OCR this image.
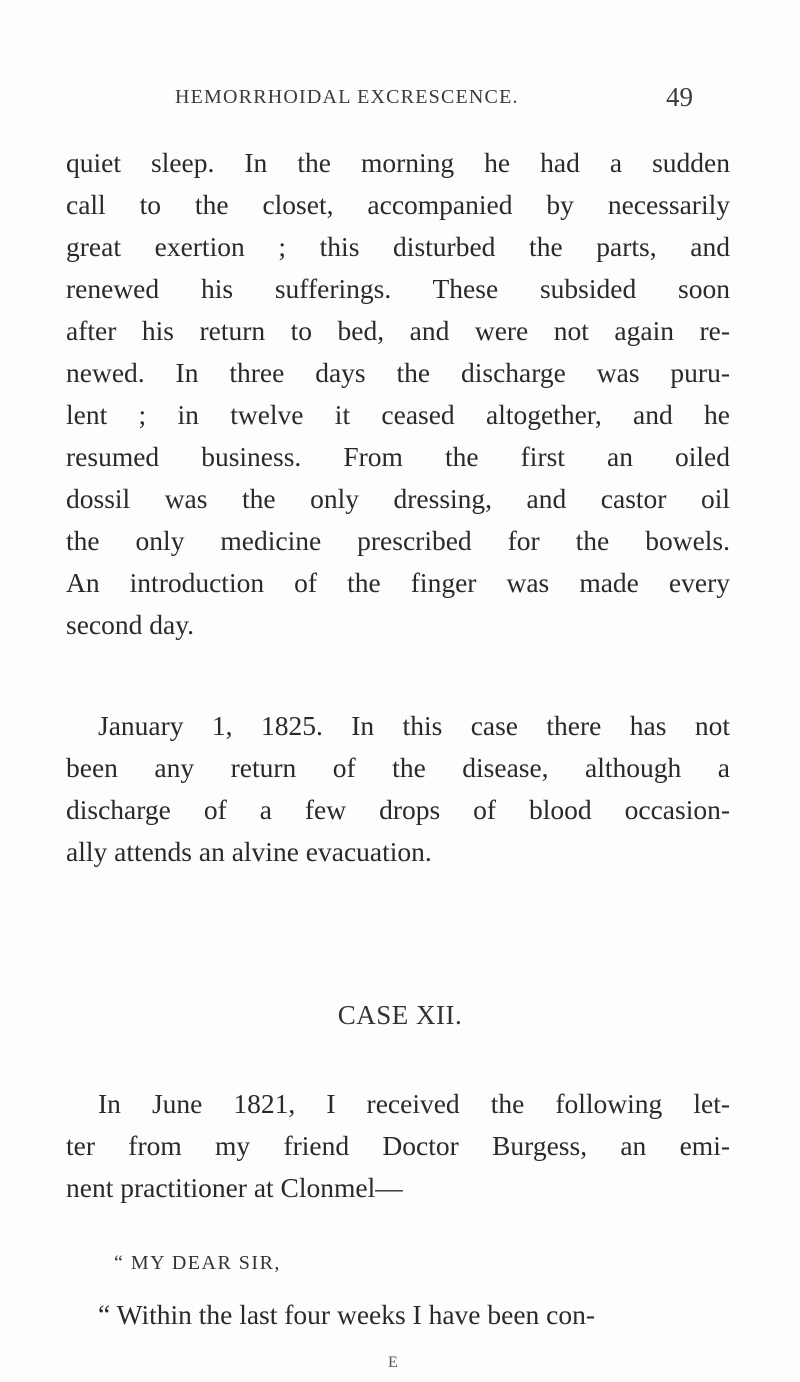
HEMORRHOIDAL EXCRESCENCE.	49
quiet sleep. In the morning he had a sudden
call to the closet, accompanied by necessarily
great exertion ; this disturbed the parts, and
renewed his sufferings. These subsided soon
after his return to bed, and were not again re-
newed. In three days the discharge was puru-
lent ; in twelve it ceased altogether, and he
resumed business. From the first an oiled
dossil was the only dressing, and castor oil
the only medicine prescribed for the bowels.
An introduction of the finger was made every
second day.
January 1, 1825. In this case there has not
been any return of the disease, although a
discharge of a few drops of blood occasion-
ally attends an alvine evacuation.
CASE XII.
In June 1821, I received the following let-
ter from my friend Doctor Burgess, an emi-
nent practitioner at Clonmel—
“ MY DEAR SIR,
“ Within the last four weeks I have been con-
E
